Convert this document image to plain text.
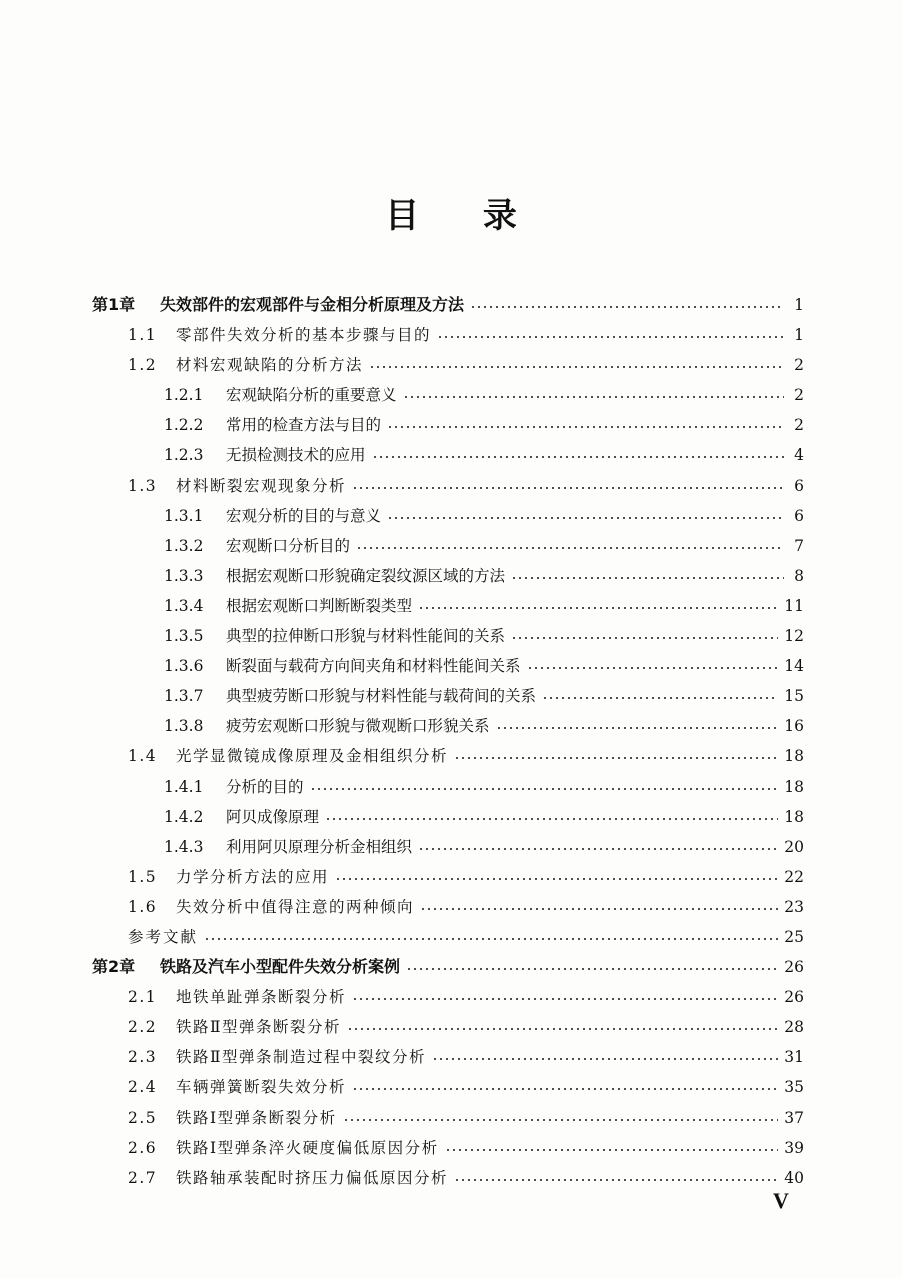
目 录
第1章	失效部件的宏观部件与金相分析原理及方法	1
1.1	零部件失效分析的基本步骤与目的	1
1.2	材料宏观缺陷的分析方法	2
1.2.1	宏观缺陷分析的重要意义	2
1.2.2	常用的检查方法与目的	2
1.2.3	无损检测技术的应用	4
1.3	材料断裂宏观现象分析	6
1.3.1	宏观分析的目的与意义	6
1.3.2	宏观断口分析目的	7
1.3.3	根据宏观断口形貌确定裂纹源区域的方法	8
1.3.4	根据宏观断口判断断裂类型	11
1.3.5	典型的拉伸断口形貌与材料性能间的关系	12
1.3.6	断裂面与载荷方向间夹角和材料性能间关系	14
1.3.7	典型疲劳断口形貌与材料性能与载荷间的关系	15
1.3.8	疲劳宏观断口形貌与微观断口形貌关系	16
1.4	光学显微镜成像原理及金相组织分析	18
1.4.1	分析的目的	18
1.4.2	阿贝成像原理	18
1.4.3	利用阿贝原理分析金相组织	20
1.5	力学分析方法的应用	22
1.6	失效分析中值得注意的两种倾向	23
参考文献	25
第2章	铁路及汽车小型配件失效分析案例	26
2.1	地铁单趾弹条断裂分析	26
2.2	铁路Ⅱ型弹条断裂分析	28
2.3	铁路Ⅱ型弹条制造过程中裂纹分析	31
2.4	车辆弹簧断裂失效分析	35
2.5	铁路Ⅰ型弹条断裂分析	37
2.6	铁路Ⅰ型弹条淬火硬度偏低原因分析	39
2.7	铁路轴承装配时挤压力偏低原因分析	40
V
